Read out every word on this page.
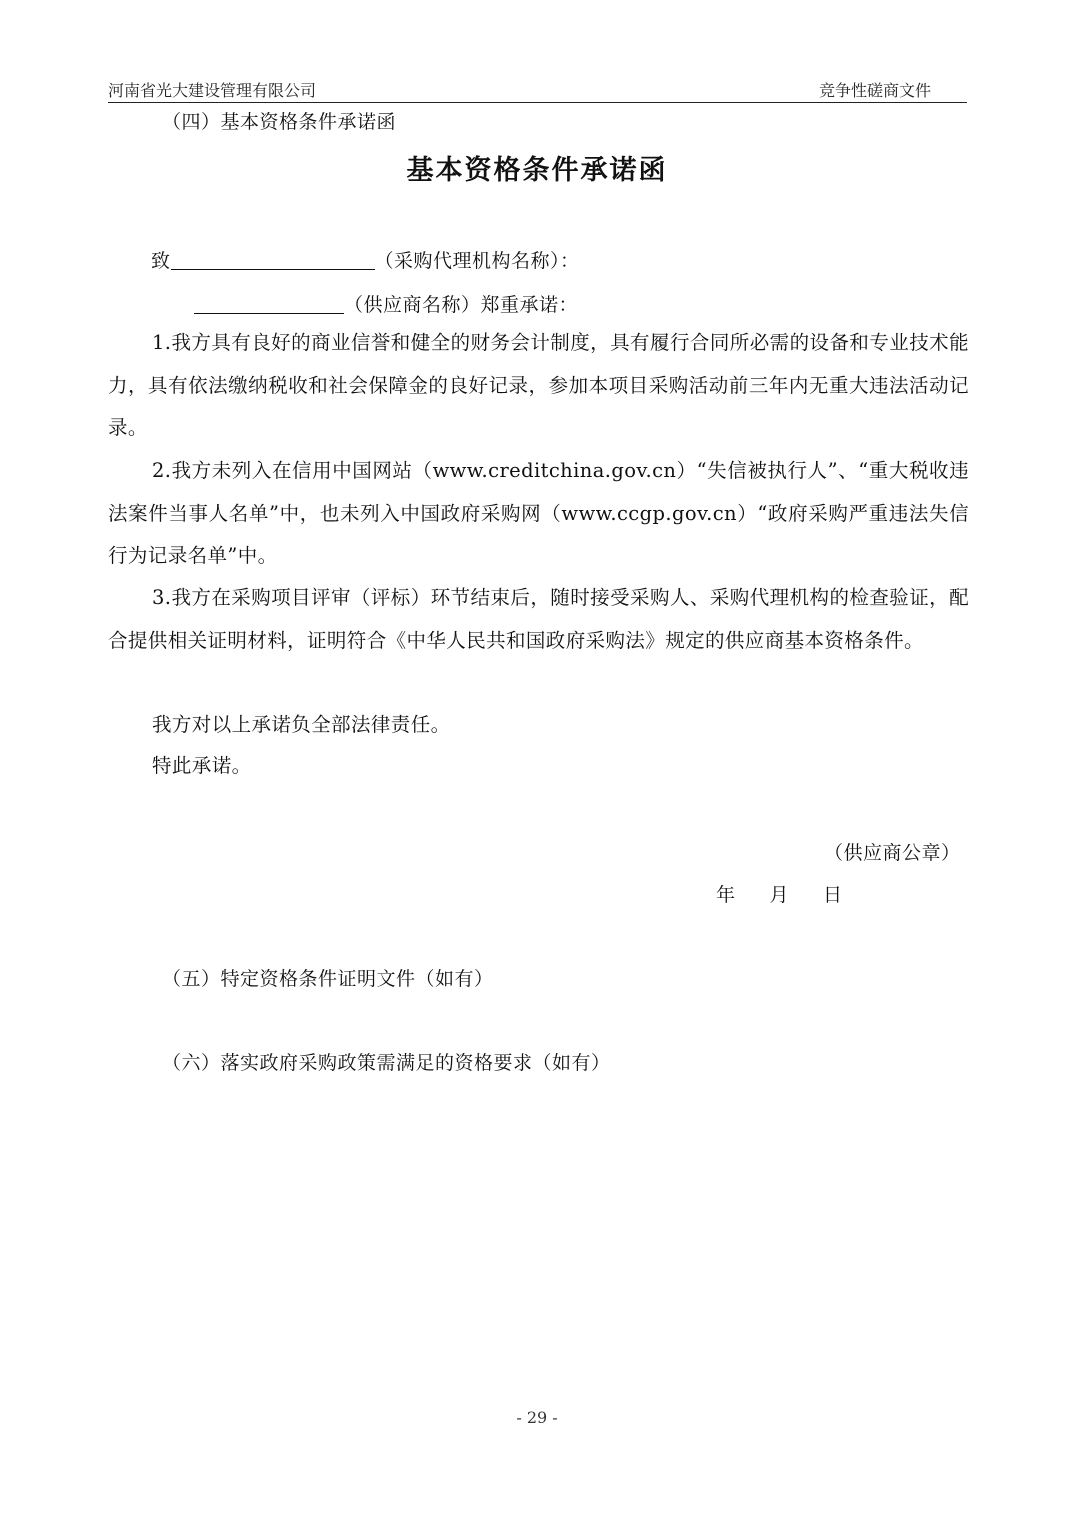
河南省光大建设管理有限公司	竞争性磋商文件
（四）基本资格条件承诺函
基本资格条件承诺函
致	（采购代理机构名称）：
（供应商名称）郑重承诺：
1.我方具有良好的商业信誉和健全的财务会计制度，具有履行合同所必需的设备和专业技术能力，具有依法缴纳税收和社会保障金的良好记录，参加本项目采购活动前三年内无重大违法活动记录。
2.我方未列入在信用中国网站（www.creditchina.gov.cn）“失信被执行人”、“重大税收违法案件当事人名单”中，也未列入中国政府采购网（www.ccgp.gov.cn）“政府采购严重违法失信行为记录名单”中。
3.我方在采购项目评审（评标）环节结束后，随时接受采购人、采购代理机构的检查验证，配合提供相关证明材料，证明符合《中华人民共和国政府采购法》规定的供应商基本资格条件。
我方对以上承诺负全部法律责任。
特此承诺。
（供应商公章）
年 月 日
（五）特定资格条件证明文件（如有）
（六）落实政府采购政策需满足的资格要求（如有）
- 29 -
